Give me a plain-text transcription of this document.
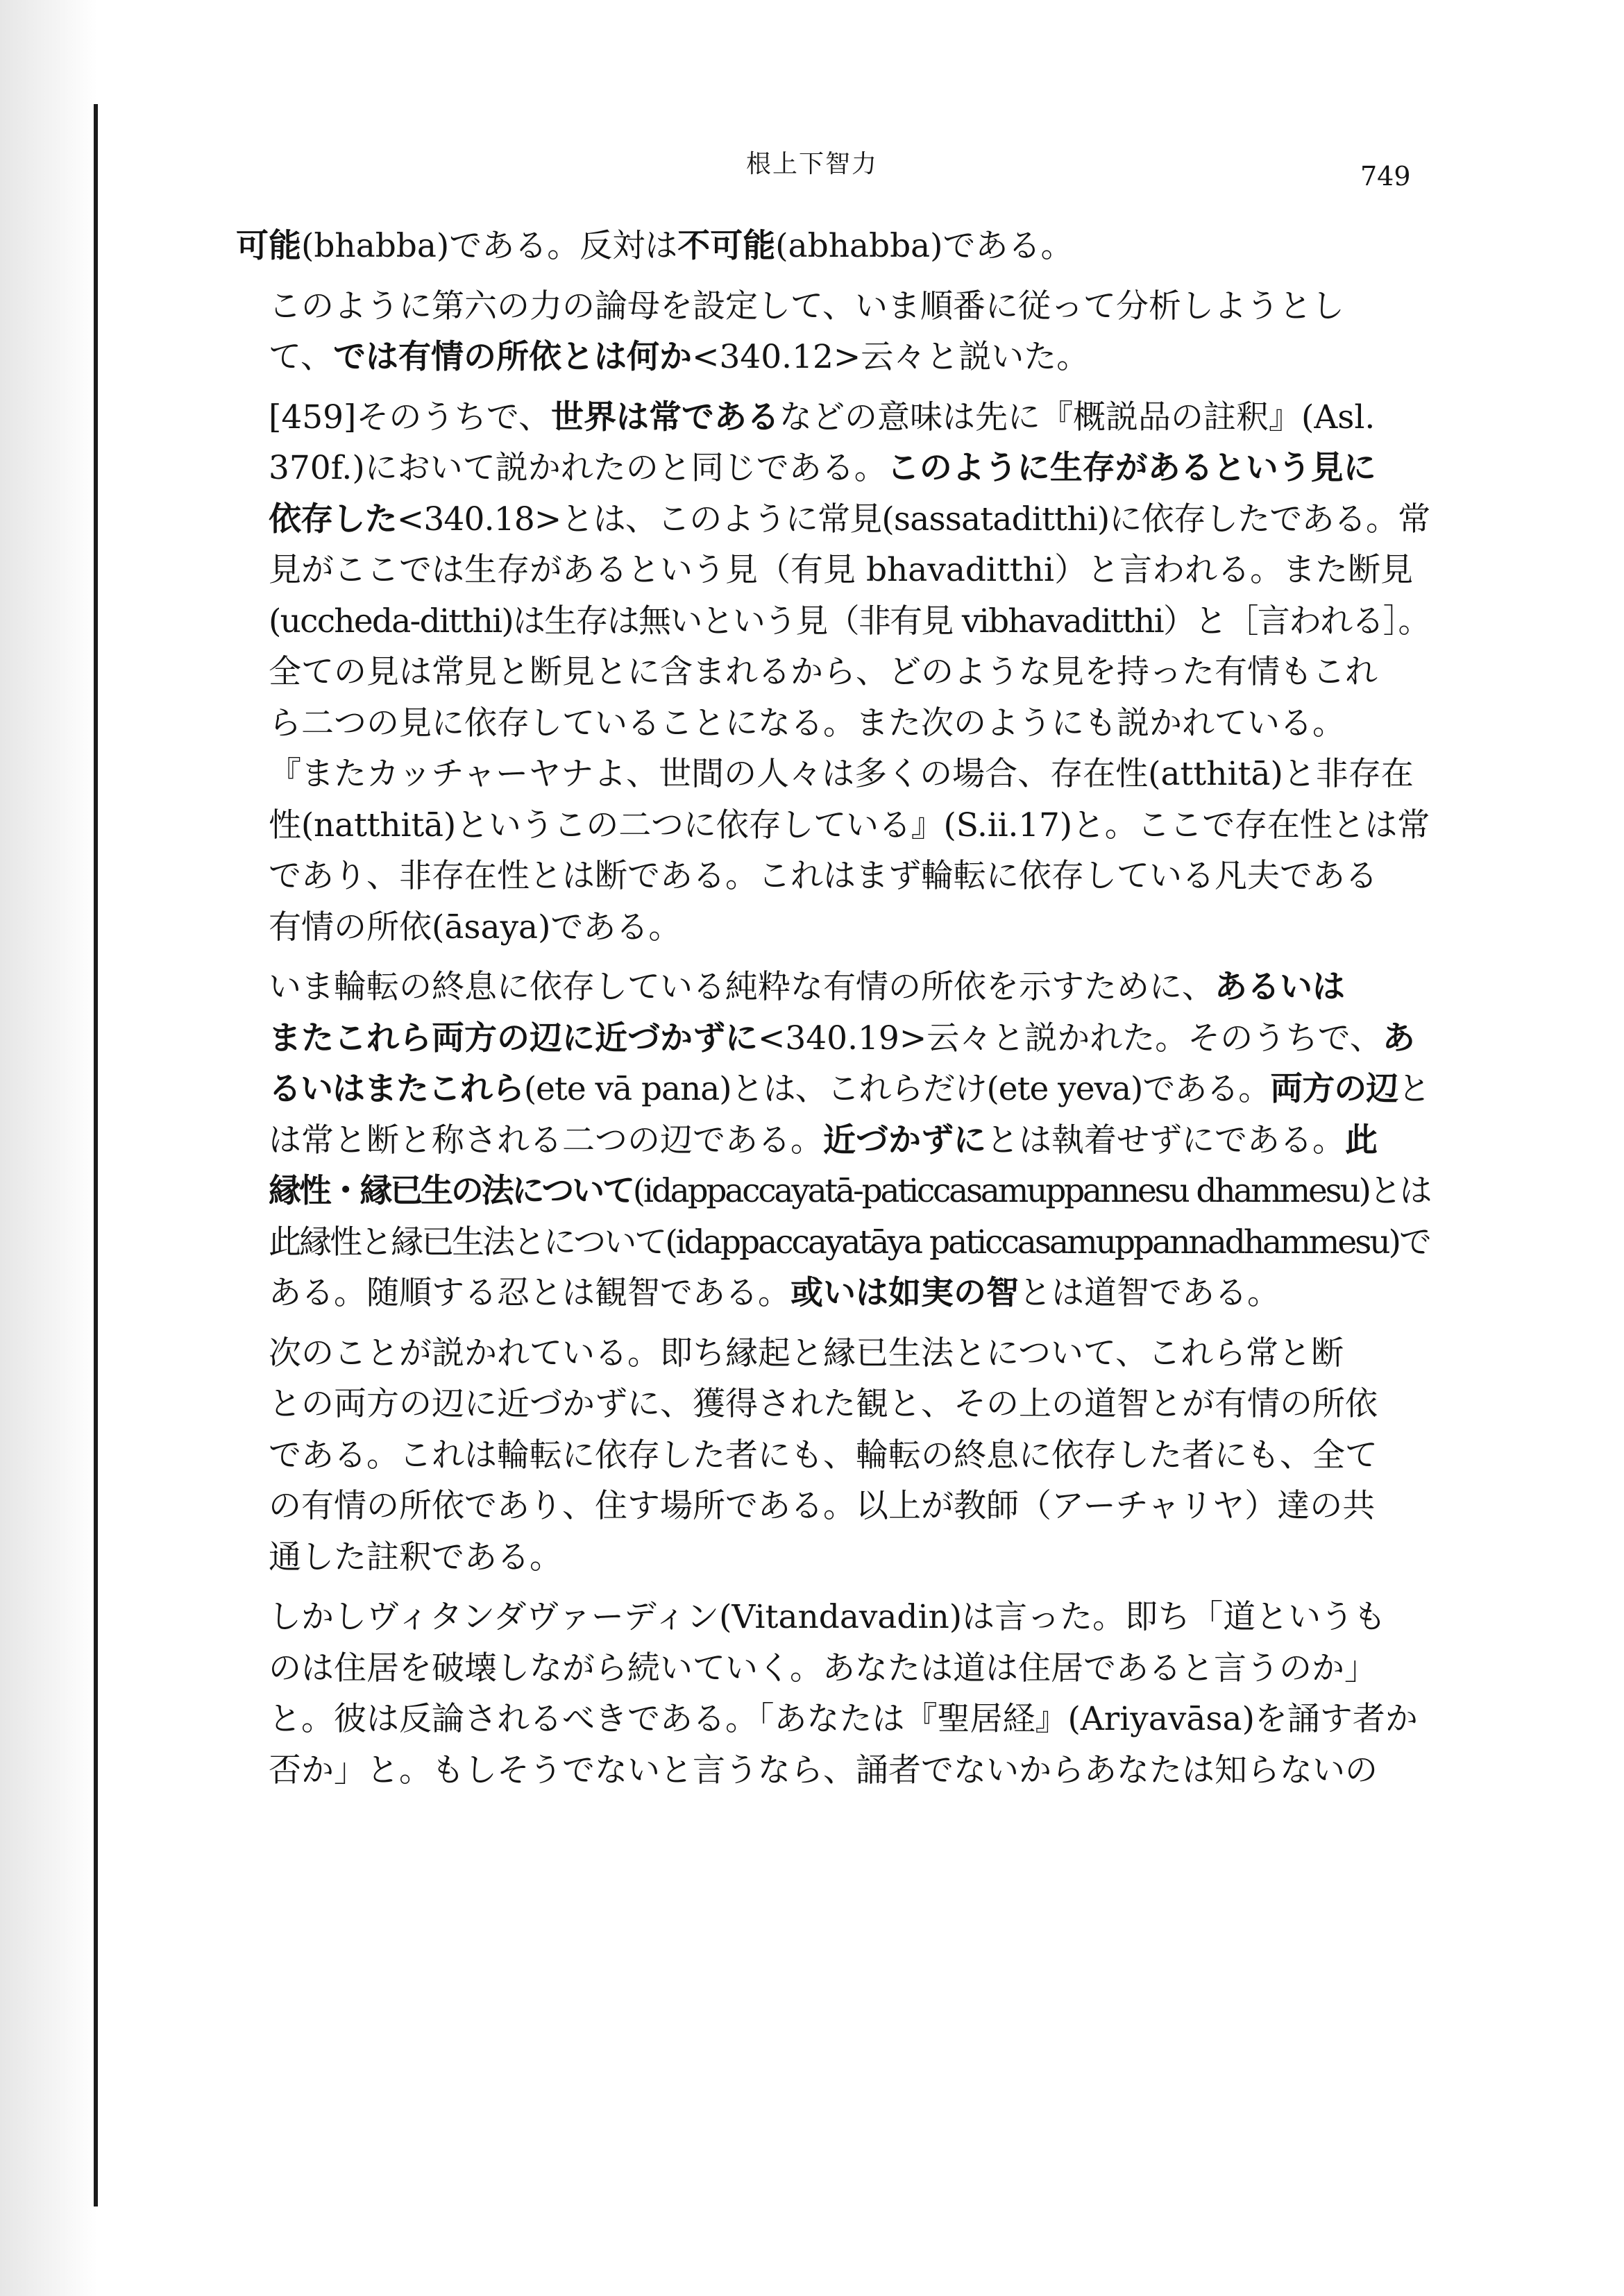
根上下智力	749

可能(bhabba)である。反対は不可能(abhabba)である。

このように第六の力の論母を設定して、いま順番に従って分析しようとし
て、では有情の所依とは何か<340.12>云々と説いた。

[459]そのうちで、世界は常であるなどの意味は先に『概説品の註釈』(Asl.
370f.)において説かれたのと同じである。このように生存があるという見に
依存した<340.18>とは、このように常見(sassataditthi)に依存したである。常
見がここでは生存があるという見（有見 bhavaditthi）と言われる。また断見
(uccheda-ditthi)は生存は無いという見（非有見 vibhavaditthi）と［言われる］。
全ての見は常見と断見とに含まれるから、どのような見を持った有情もこれ
ら二つの見に依存していることになる。また次のようにも説かれている。
『またカッチャーヤナよ、世間の人々は多くの場合、存在性(atthitā)と非存在
性(natthitā)というこの二つに依存している』(S.ii.17)と。ここで存在性とは常
であり、非存在性とは断である。これはまず輪転に依存している凡夫である
有情の所依(āsaya)である。

いま輪転の終息に依存している純粋な有情の所依を示すために、あるいは
またこれら両方の辺に近づかずに<340.19>云々と説かれた。そのうちで、あ
るいはまたこれら(ete vā pana)とは、これらだけ(ete yeva)である。両方の辺と
は常と断と称される二つの辺である。近づかずにとは執着せずにである。此
縁性・縁已生の法について(idappaccayatā-paticcasamuppannesu dhammesu)とは
此縁性と縁已生法とについて(idappaccayatāya paticcasamuppannadhammesu)で
ある。随順する忍とは観智である。或いは如実の智とは道智である。

次のことが説かれている。即ち縁起と縁已生法とについて、これら常と断
との両方の辺に近づかずに、獲得された観と、その上の道智とが有情の所依
である。これは輪転に依存した者にも、輪転の終息に依存した者にも、全て
の有情の所依であり、住す場所である。以上が教師（アーチャリヤ）達の共
通した註釈である。

しかしヴィタンダヴァーディン(Vitandavadin)は言った。即ち「道というも
のは住居を破壊しながら続いていく。あなたは道は住居であると言うのか」
と。彼は反論されるべきである。「あなたは『聖居経』(Ariyavāsa)を誦す者か
否か」と。もしそうでないと言うなら、誦者でないからあなたは知らないの
